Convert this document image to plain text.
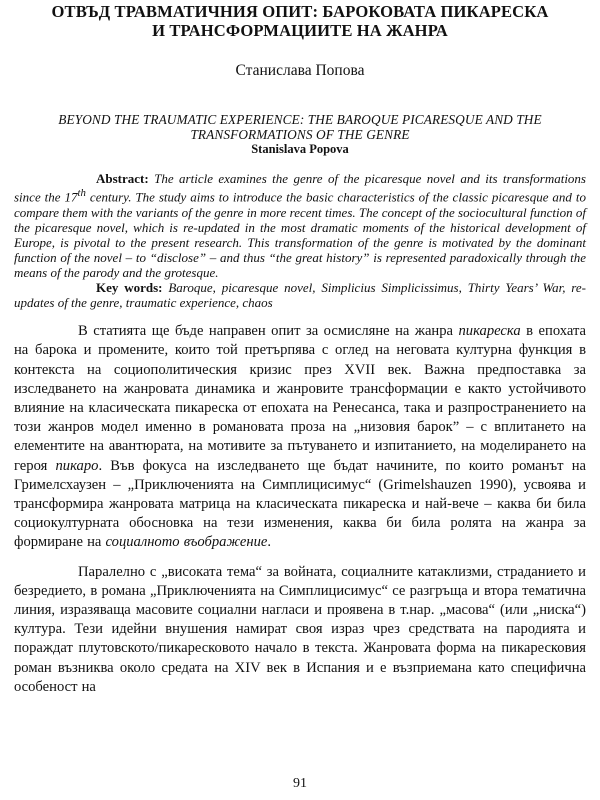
ОТВЪД ТРАВМАТИЧНИЯ ОПИТ: БАРОКОВАТА ПИКАРЕСКА
И ТРАНСФОРМАЦИИТЕ НА ЖАНРА
Станислава Попова
BEYOND THE TRAUMATIC EXPERIENCE: THE BAROQUE PICARESQUE AND THE
TRANSFORMATIONS OF THE GENRE
Stanislava Popova
Abstract: The article examines the genre of the picaresque novel and its transformations since the 17th century. The study aims to introduce the basic characteristics of the classic picaresque and to compare them with the variants of the genre in more recent times. The concept of the sociocultural function of the picaresque novel, which is re-updated in the most dramatic moments of the historical development of Europe, is pivotal to the present research. This transformation of the genre is motivated by the dominant function of the novel – to “disclose” – and thus “the great history” is represented paradoxically through the means of the parody and the grotesque.
Key words: Baroque, picaresque novel, Simplicius Simplicissimus, Thirty Years’ War, re-updates of the genre, traumatic experience, chaos

В статията ще бъде направен опит за осмисляне на жанра пикареска в епохата на барока и промените, които той претърпява с оглед на неговата културна функция в контекста на социополитическия кризис през XVII век. Важна предпоставка за изследването на жанровата динамика и жанровите трансформации е както устойчивото влияние на класическата пикареска от епохата на Ренесанса, така и разпространението на този жанров модел именно в романовата проза на „низовия барок” – с вплитането на елементите на авантюрата, на мотивите за пътуването и изпитанието, на моделирането на героя пикаро. Във фокуса на изследването ще бъдат начините, по които романът на Гримелсхаузен – „Приключенията на Симплицисимус“ (Grimelshauzen 1990), усвоява и трансформира жанровата матрица на класическата пикареска и най-вече – каква би била социокултурната обосновка на тези изменения, каква би била ролята на жанра за формиране на социалното въображение.

Паралелно с „високата тема“ за войната, социалните катаклизми, страданието и безредието, в романа „Приключенията на Симплицисимус“ се разгръща и втора тематична линия, изразяваща масовите социални нагласи и проявена в т.нар. „масова“ (или „ниска“) култура. Тези идейни внушения намират своя израз чрез средствата на пародията и пораждат плутовското/пикаресковото начало в текста. Жанровата форма на пикаресковия роман възниква около средата на XIV век в Испания и е възприемана като специфична особеност на

91
